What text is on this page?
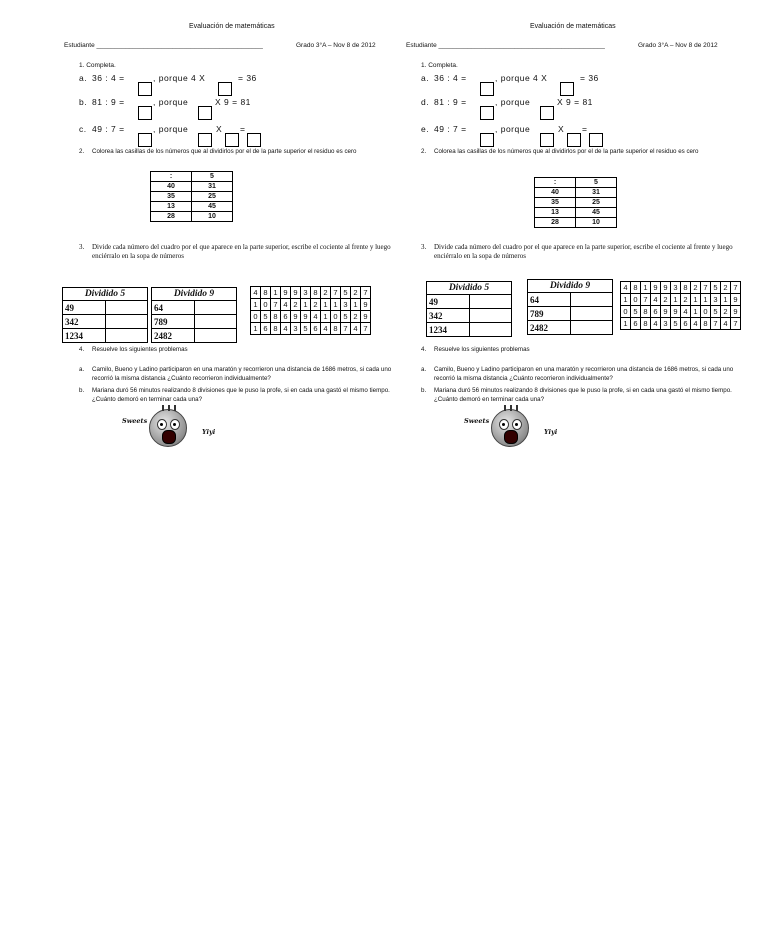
Evaluación de matemáticas
Estudiante ______________________________________________	Grado 3°A – Nov 8 de 2012
1. Completa.
a. 36 : 4 =	, porque 4 X	= 36
b. 81 : 9 =	, porque	X 9 = 81
c. 49 : 7 =	, porque	X =
2. Colorea las casillas de los números que al dividirlos por el de la parte superior el residuo es cero
:	5
40	31
35	25
13	45
28	10
3. Divide cada número del cuadro por el que aparece en la parte superior, escribe el cociente al frente y luego enciérralo en la sopa de números
Dividido 5	
49	
342	
1234	
Dividido 9	
64	
789	
2482	
4	8	1	9	9	3	8	2	7	5	2	7
1	0	7	4	2	1	2	1	1	3	1	9
0	5	8	6	9	9	4	1	0	5	2	9
1	6	8	4	3	5	6	4	8	7	4	7
4. Resuelve los siguientes problemas
a. Camilo, Bueno y Ladino participaron en una maratón y recorrieron una distancia de 1686 metros, si cada uno recorrió la misma distancia ¿Cuánto recorrieron individualmente?
b. Mariana duró 56 minutos realizando 8 divisiones que le puso la profe, si en cada una gastó el mismo tiempo. ¿Cuánto demoró en terminar cada una?
Sweets
Yiyi
Evaluación de matemáticas
Estudiante ______________________________________________	Grado 3°A – Nov 8 de 2012
1. Completa.
a. 36 : 4 =	, porque 4 X	= 36
d. 81 : 9 =	, porque	X 9 = 81
e. 49 : 7 =	, porque	X =
2. Colorea las casillas de los números que al dividirlos por el de la parte superior el residuo es cero
:	5
40	31
35	25
13	45
28	10
3. Divide cada número del cuadro por el que aparece en la parte superior, escribe el cociente al frente y luego enciérralo en la sopa de números
Dividido 5	
49	
342	
1234	
Dividido 9	
64	
789	
2482	
4	8	1	9	9	3	8	2	7	5	2	7
1	0	7	4	2	1	2	1	1	3	1	9
0	5	8	6	9	9	4	1	0	5	2	9
1	6	8	4	3	5	6	4	8	7	4	7
4. Resuelve los siguientes problemas
a. Camilo, Bueno y Ladino participaron en una maratón y recorrieron una distancia de 1686 metros, si cada uno recorrió la misma distancia ¿Cuánto recorrieron individualmente?
b. Mariana duró 56 minutos realizando 8 divisiones que le puso la profe, si en cada una gastó el mismo tiempo. ¿Cuánto demoró en terminar cada una?
Sweets
Yiyi
